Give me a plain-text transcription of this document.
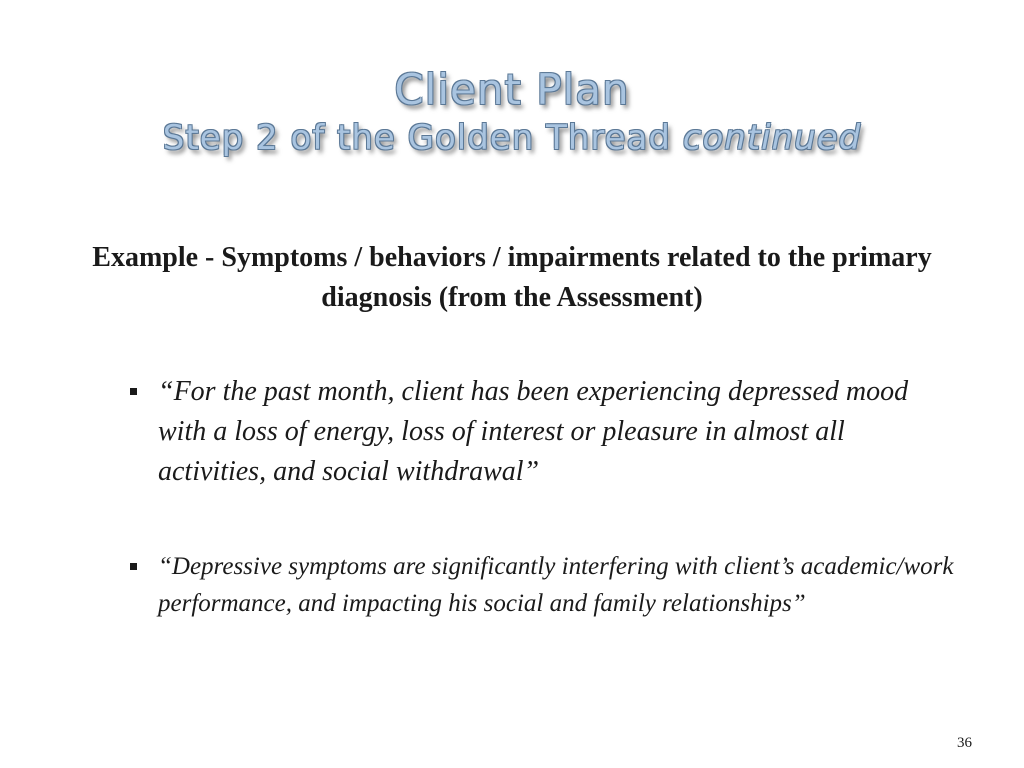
Client Plan
Step 2 of the Golden Thread continued
Example - Symptoms / behaviors / impairments related to the primary diagnosis (from the Assessment)
“For the past month, client has been experiencing depressed mood with a loss of energy, loss of interest or pleasure in almost all activities, and social withdrawal”
“Depressive symptoms are significantly interfering with client’s academic/work performance, and impacting his social and family relationships”
36
